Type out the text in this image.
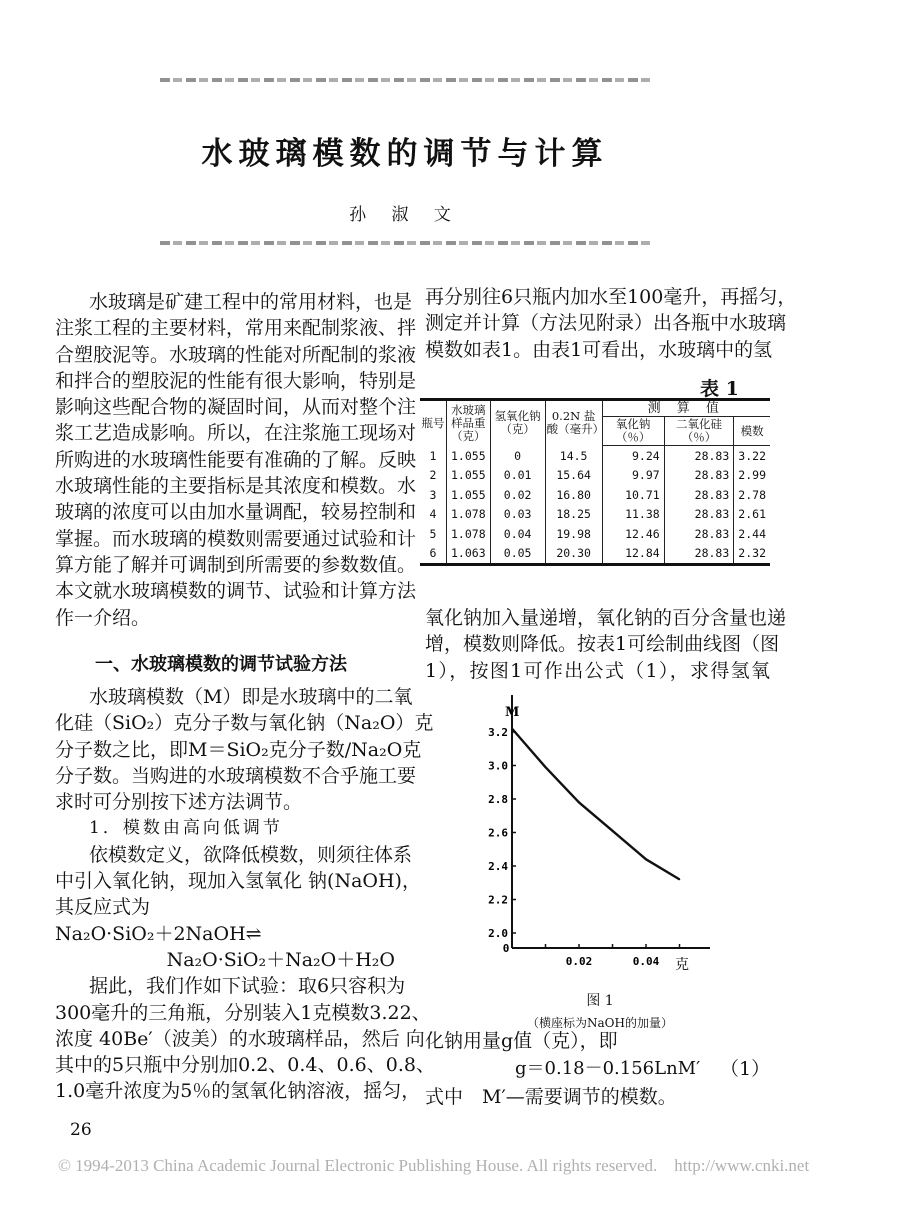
水玻璃模数的调节与计算
孙 淑 文
水玻璃是矿建工程中的常用材料，也是
注浆工程的主要材料，常用来配制浆液、拌
合塑胶泥等。水玻璃的性能对所配制的浆液
和拌合的塑胶泥的性能有很大影响，特别是
影响这些配合物的凝固时间，从而对整个注
浆工艺造成影响。所以，在注浆施工现场对
所购进的水玻璃性能要有准确的了解。反映
水玻璃性能的主要指标是其浓度和模数。水
玻璃的浓度可以由加水量调配，较易控制和
掌握。而水玻璃的模数则需要通过试验和计
算方能了解并可调制到所需要的参数数值。
本文就水玻璃模数的调节、试验和计算方法
作一介绍。
一、水玻璃模数的调节试验方法
水玻璃模数（M）即是水玻璃中的二氧
化硅（SiO₂）克分子数与氧化钠（Na₂O）克
分子数之比，即M＝SiO₂克分子数/Na₂O克
分子数。当购进的水玻璃模数不合乎施工要
求时可分别按下述方法调节。
1．模数由高向低调节
依模数定义，欲降低模数，则须往体系
中引入氧化钠，现加入氢氧化 钠(NaOH)，
其反应式为
Na₂O·SiO₂＋2NaOH⇌
Na₂O·SiO₂＋Na₂O＋H₂O
据此，我们作如下试验：取6只容积为
300毫升的三角瓶，分别装入1克模数3.22、
浓度 40Be′（波美）的水玻璃样品，然后 向
其中的5只瓶中分别加0.2、0.4、0.6、0.8、
1.0毫升浓度为5％的氢氧化钠溶液，摇匀，
再分别往6只瓶内加水至100毫升，再摇匀，
测定并计算（方法见附录）出各瓶中水玻璃
模数如表1。由表1可看出，水玻璃中的氢
表 1
瓶号	水玻璃样品重（克）	氢氧化钠（克）	0.2N 盐 酸（毫升）	测 算 值		
				氧化钠（％）	二氧化硅（％）	模数
1	1.055	0	14.5	9.24	28.83	3.22
2	1.055	0.01	15.64	9.97	28.83	2.99
3	1.055	0.02	16.80	10.71	28.83	2.78
4	1.078	0.03	18.25	11.38	28.83	2.61
5	1.078	0.04	19.98	12.46	28.83	2.44
6	1.063	0.05	20.30	12.84	28.83	2.32
氧化钠加入量递增，氧化钠的百分含量也递
增，模数则降低。按表1可绘制曲线图（图
1），按图1可作出公式（1），求得氢氧
2.0
2.2
2.4
2.6
2.8
3.0
3.2
0
0.02	0.04
M
克
图 1
（横座标为NaOH的加量）
化钠用量g值（克），即
g＝0.18－0.156LnM′ （1）
式中　M′—需要调节的模数。
26
© 1994-2013 China Academic Journal Electronic Publishing House. All rights reserved.    http://www.cnki.net
